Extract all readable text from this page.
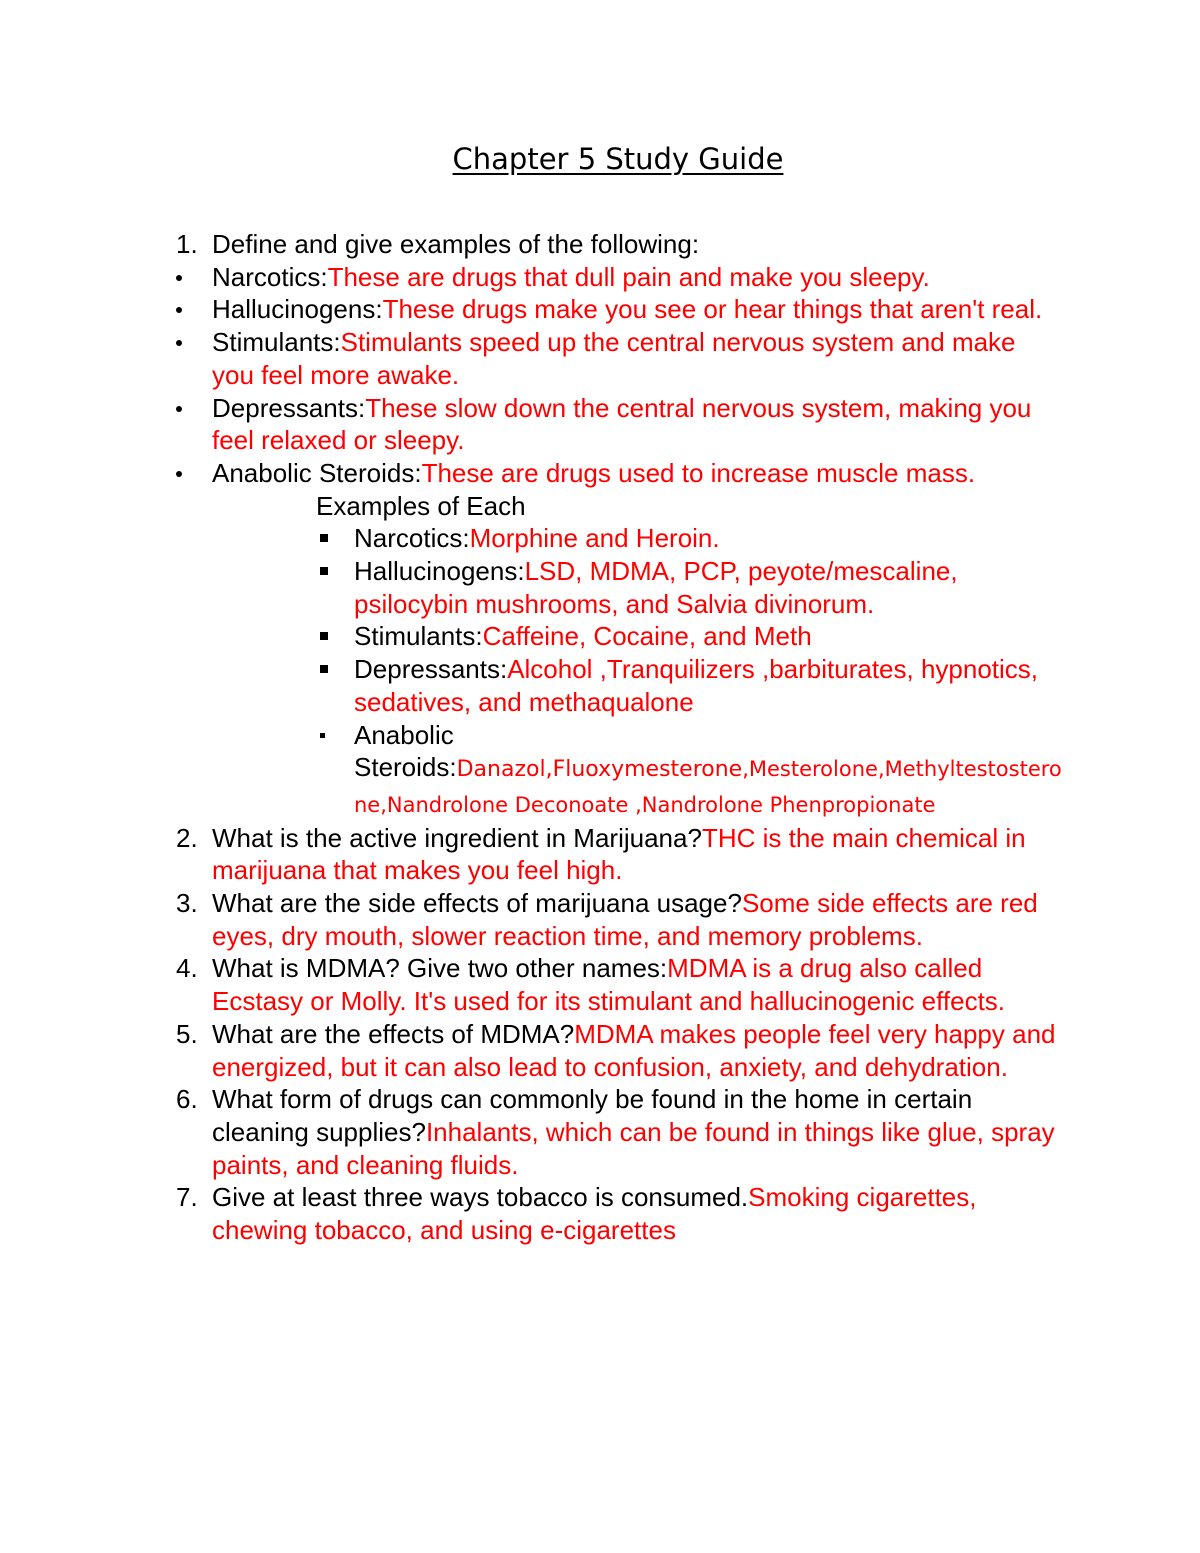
Chapter 5 Study Guide
1. Define and give examples of the following:
Narcotics:These are drugs that dull pain and make you sleepy.
Hallucinogens:These drugs make you see or hear things that aren't real.
Stimulants:Stimulants speed up the central nervous system and make you feel more awake.
Depressants:These slow down the central nervous system, making you feel relaxed or sleepy.
Anabolic Steroids:These are drugs used to increase muscle mass.
Examples of Each
Narcotics:Morphine and Heroin.
Hallucinogens:LSD, MDMA, PCP, peyote/mescaline, psilocybin mushrooms, and Salvia divinorum.
Stimulants:Caffeine, Cocaine, and Meth
Depressants:Alcohol ,Tranquilizers ,barbiturates, hypnotics, sedatives, and methaqualone
Anabolic
Steroids:Danazol,Fluoxymesterone,Mesterolone,Methyltestosterone,Nandrolone Deconoate ,Nandrolone Phenpropionate
2. What is the active ingredient in Marijuana?THC is the main chemical in marijuana that makes you feel high.
3. What are the side effects of marijuana usage?Some side effects are red eyes, dry mouth, slower reaction time, and memory problems.
4. What is MDMA? Give two other names:MDMA is a drug also called Ecstasy or Molly. It's used for its stimulant and hallucinogenic effects.
5. What are the effects of MDMA?MDMA makes people feel very happy and energized, but it can also lead to confusion, anxiety, and dehydration.
6. What form of drugs can commonly be found in the home in certain cleaning supplies?Inhalants, which can be found in things like glue, spray paints, and cleaning fluids.
7. Give at least three ways tobacco is consumed.Smoking cigarettes, chewing tobacco, and using e-cigarettes
